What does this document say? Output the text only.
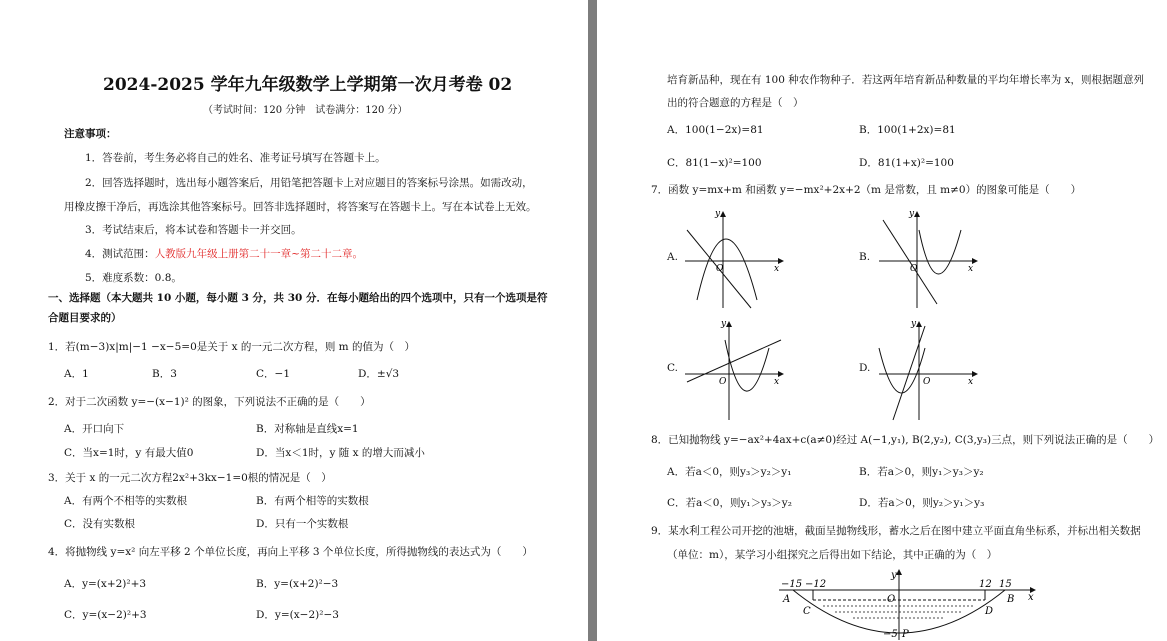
2024-2025 学年九年级数学上学期第一次月考卷 02
（考试时间：120 分钟　试卷满分：120 分）
注意事项：
1．答卷前，考生务必将自己的姓名、准考证号填写在答题卡上。
2．回答选择题时，选出每小题答案后，用铅笔把答题卡上对应题目的答案标号涂黑。如需改动，
用橡皮擦干净后，再选涂其他答案标号。回答非选择题时，将答案写在答题卡上。写在本试卷上无效。
3．考试结束后，将本试卷和答题卡一并交回。
4．测试范围：人教版九年级上册第二十一章~第二十二章。
5．难度系数：0.8。
一、选择题（本大题共 10 小题，每小题 3 分，共 30 分．在每小题给出的四个选项中，只有一个选项是符
合题目要求的）
1．若(m−3)x|m|−1 −x−5=0是关于 x 的一元二次方程，则 m 的值为（　）
A．1	B．3	C．−1	D．±√3
2．对于二次函数 y=−(x−1)² 的图象，下列说法不正确的是（　　）
A．开口向下	B．对称轴是直线x=1
C．当x=1时，y 有最大值0	D．当x＜1时，y 随 x 的增大而减小
3．关于 x 的一元二次方程2x²+3kx−1=0根的情况是（　）
A．有两个不相等的实数根	B．有两个相等的实数根
C．没有实数根	D．只有一个实数根
4．将抛物线 y=x² 向左平移 2 个单位长度，再向上平移 3 个单位长度，所得抛物线的表达式为（　　）
A．y=(x+2)²+3	B．y=(x+2)²−3
C．y=(x−2)²+3	D．y=(x−2)²−3
培育新品种，现在有 100 种农作物种子．若这两年培育新品种数量的平均年增长率为 x，则根据题意列
出的符合题意的方程是（　）
A．100(1−2x)=81	B．100(1+2x)=81
C．81(1−x)²=100	D．81(1+x)²=100
7．函数 y=mx+m 和函数 y=−mx²+2x+2（m 是常数，且 m≠0）的图象可能是（　　）
A.	B.
C.	D.
y
x
O
y
x
O
y
x
O
y
x
O
8．已知抛物线 y=−ax²+4ax+c(a≠0)经过 A(−1,y₁), B(2,y₂), C(3,y₃)三点，则下列说法正确的是（　　）
A．若a＜0，则y₃＞y₂＞y₁	B．若a＞0，则y₁＞y₃＞y₂
C．若a＜0，则y₁＞y₃＞y₂	D．若a＞0，则y₂＞y₁＞y₃
9．某水利工程公司开挖的池塘，截面呈抛物线形，蓄水之后在图中建立平面直角坐标系，并标出相关数据
（单位：m），某学习小组探究之后得出如下结论，其中正确的为（　）
−15 −12	12 15
A
C	D
B
O
y
x
−5 P
